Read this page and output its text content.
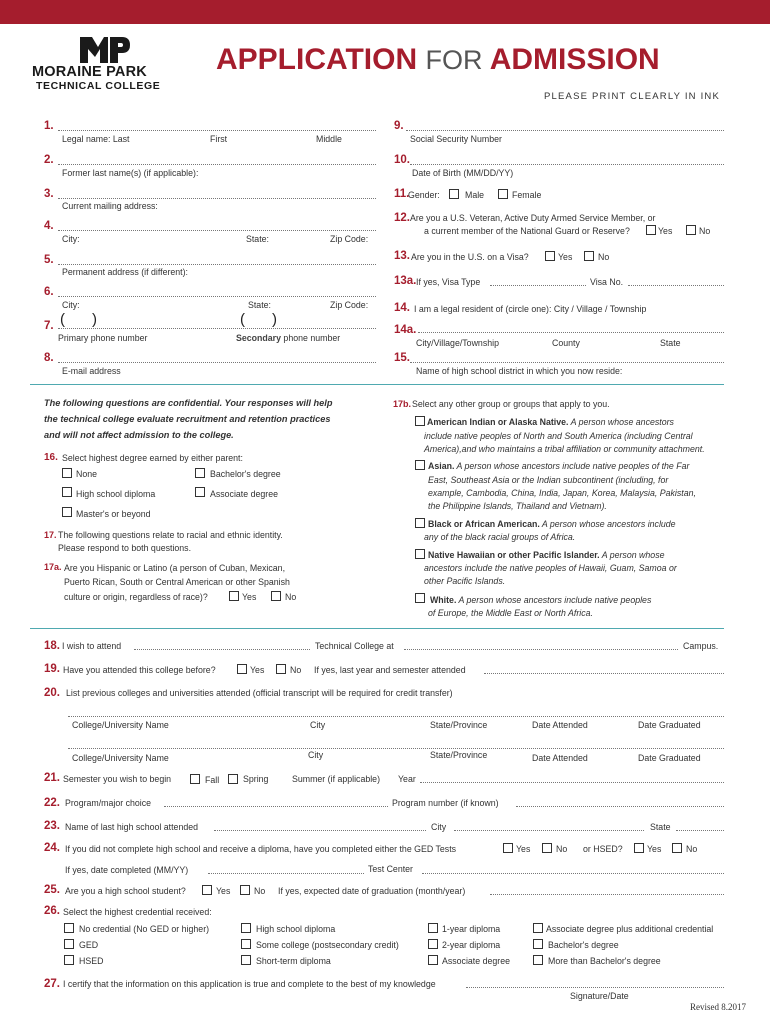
MORAINE PARK
TECHNICAL COLLEGE
APPLICATION FOR ADMISSION
PLEASE PRINT CLEARLY IN INK
1.
Legal name: Last	First	Middle
2.
Former last name(s) (if applicable):
3.
Current mailing address:
4.
City:	State:	Zip Code:
5.
Permanent address (if different):
6.
City:	State:	Zip Code:
7. ( )	( )
Primary phone number	Secondary phone number
8.
E-mail address
9.
Social Security Number
10.
Date of Birth (MM/DD/YY)
11.
Gender:	Male	Female
12. Are you a U.S. Veteran, Active Duty Armed Service Member, or
a current member of the National Guard or Reserve?	Yes	No
13. Are you in the U.S. on a Visa?	Yes	No
13a. If yes, Visa Type	Visa No.
14. I am a legal resident of (circle one): City / Village / Township
14a.
City/Village/Township	County	State
15.
Name of high school district in which you now reside:
The following questions are confidential. Your responses will help
the technical college evaluate recruitment and retention practices
and will not affect admission to the college.
16. Select highest degree earned by either parent:
None	Bachelor's degree
High school diploma	Associate degree
Master's or beyond
17. The following questions relate to racial and ethnic identity.
Please respond to both questions.
17a. Are you Hispanic or Latino (a person of Cuban, Mexican,
Puerto Rican, South or Central American or other Spanish
culture or origin, regardless of race)?	Yes	No
17b. Select any other group or groups that apply to you.
American Indian or Alaska Native. A person whose ancestors
include native peoples of North and South America (including Central
America),and who maintains a tribal affiliation or community attachment.
Asian. A person whose ancestors include native peoples of the Far
East, Southeast Asia or the Indian subcontinent (including, for
example, Cambodia, China, India, Japan, Korea, Malaysia, Pakistan,
the Philippine Islands, Thailand and Vietnam).
Black or African American. A person whose ancestors include
any of the black racial groups of Africa.
Native Hawaiian or other Pacific Islander. A person whose
ancestors include the native peoples of Hawaii, Guam, Samoa or
other Pacific Islands.
White. A person whose ancestors include native peoples
of Europe, the Middle East or North Africa.
18. I wish to attend	Technical College at	Campus.
19. Have you attended this college before?	Yes	No If yes, last year and semester attended
20. List previous colleges and universities attended (official transcript will be required for credit transfer)
College/University Name	City	State/Province	Date Attended	Date Graduated
College/University Name	City	State/Province	Date Attended	Date Graduated
21. Semester you wish to begin	Fall	Spring	Summer (if applicable) Year
22. Program/major choice	Program number (if known)
23. Name of last high school attended	City	State
24. If you did not complete high school and receive a diploma, have you completed either the GED Tests	Yes	No or HSED?	Yes	No
If yes, date completed (MM/YY)	Test Center
25. Are you a high school student?	Yes	No If yes, expected date of graduation (month/year)
26. Select the highest credential received:
No credential (No GED or higher)	High school diploma	1-year diploma	Associate degree plus additional credential
GED	Some college (postsecondary credit)	2-year diploma	Bachelor's degree
HSED	Short-term diploma	Associate degree	More than Bachelor's degree
27. I certify that the information on this application is true and complete to the best of my knowledge
Signature/Date
Revised 8.2017
